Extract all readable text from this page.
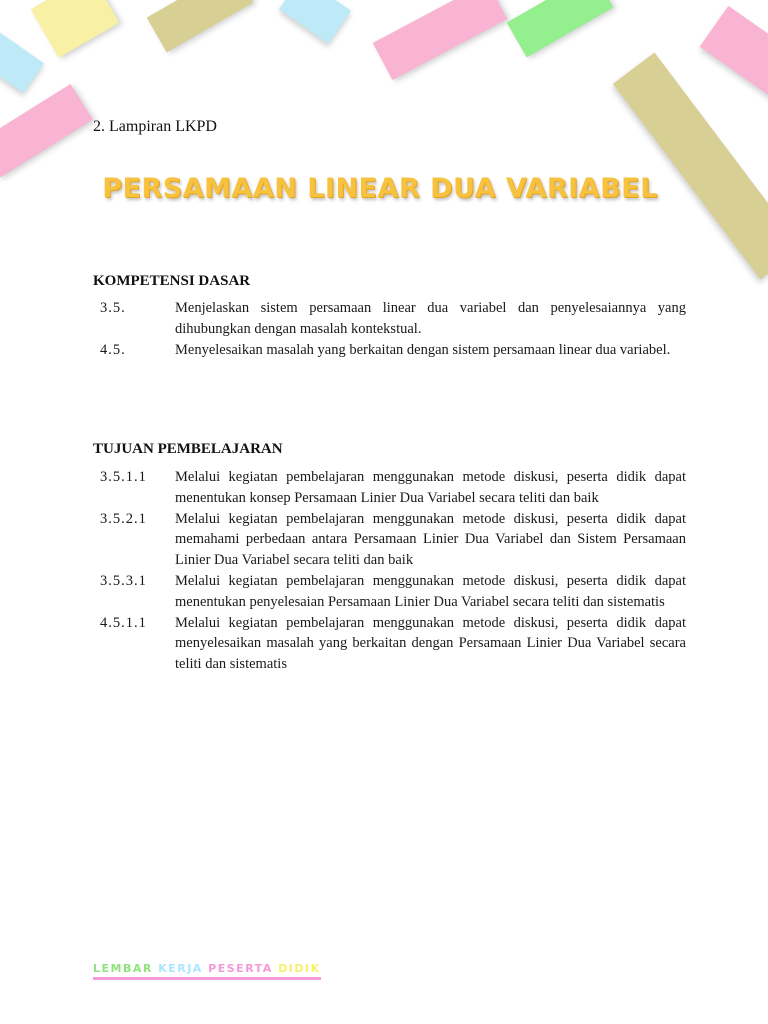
2. Lampiran LKPD
PERSAMAAN LINEAR DUA VARIABEL
KOMPETENSI DASAR
3.5.	Menjelaskan sistem persamaan linear dua variabel dan penyelesaiannya yang dihubungkan dengan masalah kontekstual.
4.5.	Menyelesaikan masalah yang berkaitan dengan sistem persamaan linear dua variabel.
TUJUAN PEMBELAJARAN
3.5.1.1	Melalui kegiatan pembelajaran menggunakan metode diskusi, peserta didik dapat menentukan konsep Persamaan Linier Dua Variabel secara teliti dan baik
3.5.2.1	Melalui kegiatan pembelajaran menggunakan metode diskusi, peserta didik dapat memahami perbedaan antara Persamaan Linier Dua Variabel dan Sistem Persamaan Linier Dua Variabel secara teliti dan baik
3.5.3.1	Melalui kegiatan pembelajaran menggunakan metode diskusi, peserta didik dapat menentukan penyelesaian Persamaan Linier Dua Variabel secara teliti dan sistematis
4.5.1.1	Melalui kegiatan pembelajaran menggunakan metode diskusi, peserta didik dapat menyelesaikan masalah yang berkaitan dengan Persamaan Linier Dua Variabel secara teliti dan sistematis
LEMBAR KERJA PESERTA DIDIK
